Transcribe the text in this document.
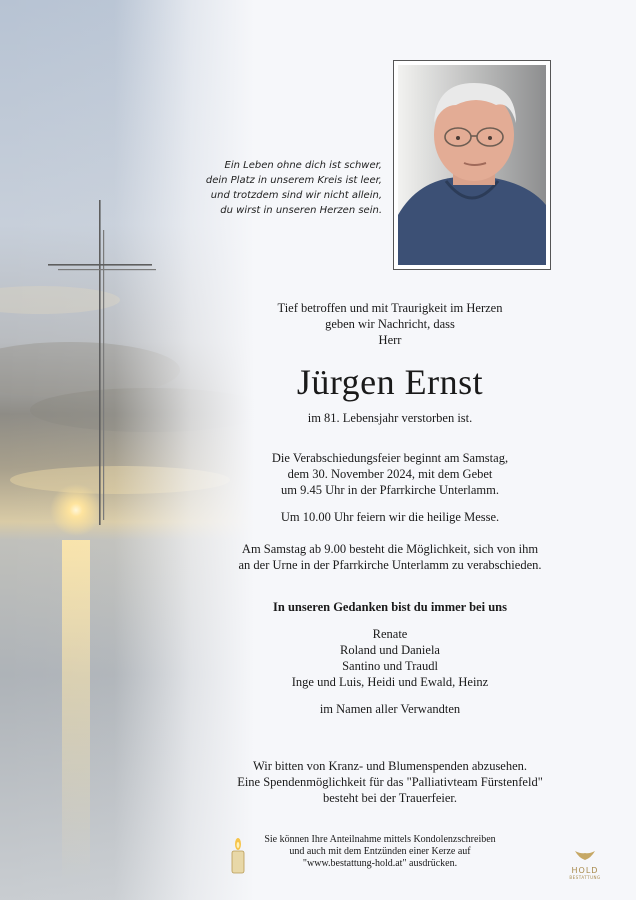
Ein Leben ohne dich ist schwer,
dein Platz in unserem Kreis ist leer,
und trotzdem sind wir nicht allein,
du wirst in unseren Herzen sein.
Tief betroffen und mit Traurigkeit im Herzen
geben wir Nachricht, dass
Herr
Jürgen Ernst
im 81. Lebensjahr verstorben ist.
Die Verabschiedungsfeier beginnt am Samstag,
dem 30. November 2024, mit dem Gebet
um 9.45 Uhr in der Pfarrkirche Unterlamm.
Um 10.00 Uhr feiern wir die heilige Messe.
Am Samstag ab 9.00 besteht die Möglichkeit, sich von ihm
an der Urne in der Pfarrkirche Unterlamm zu verabschieden.
In unseren Gedanken bist du immer bei uns
Renate
Roland und Daniela
Santino und Traudl
Inge und Luis, Heidi und Ewald, Heinz
im Namen aller Verwandten
Wir bitten von Kranz- und Blumenspenden abzusehen.
Eine Spendenmöglichkeit für das "Palliativteam Fürstenfeld"
besteht bei der Trauerfeier.
Sie können Ihre Anteilnahme mittels Kondolenzschreiben
und auch mit dem Entzünden einer Kerze auf
"www.bestattung-hold.at" ausdrücken.
HOLD
BESTATTUNG
